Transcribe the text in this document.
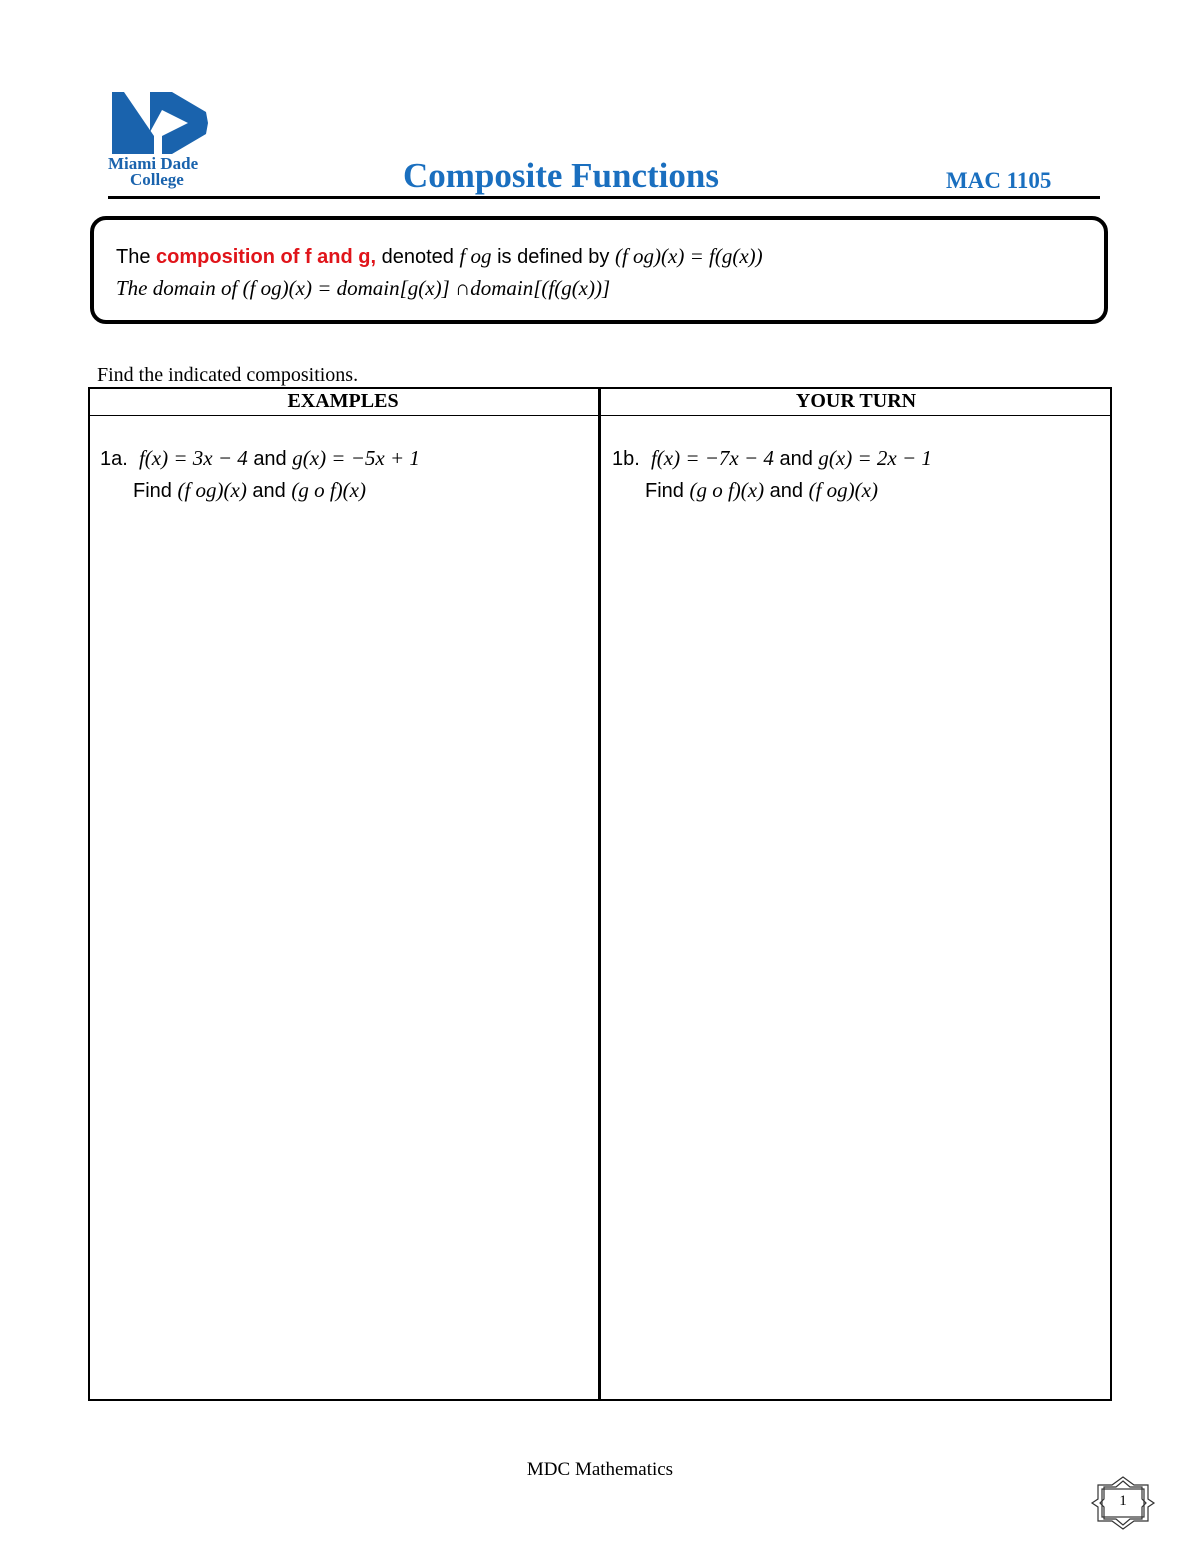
Miami Dade
College	Composite Functions	MAC 1105
The composition of f and g, denoted f og is defined by (f og)(x) = f(g(x))
The domain of (f og)(x) = domain[g(x)] ∩domain[(f(g(x))]
Find the indicated compositions.
EXAMPLES	YOUR TURN
1a. f(x) = 3x − 4 and g(x) = −5x + 1
Find (f og)(x) and (g o f)(x)
1b. f(x) = −7x − 4 and g(x) = 2x − 1
Find (g o f)(x) and (f og)(x)
MDC Mathematics
1
